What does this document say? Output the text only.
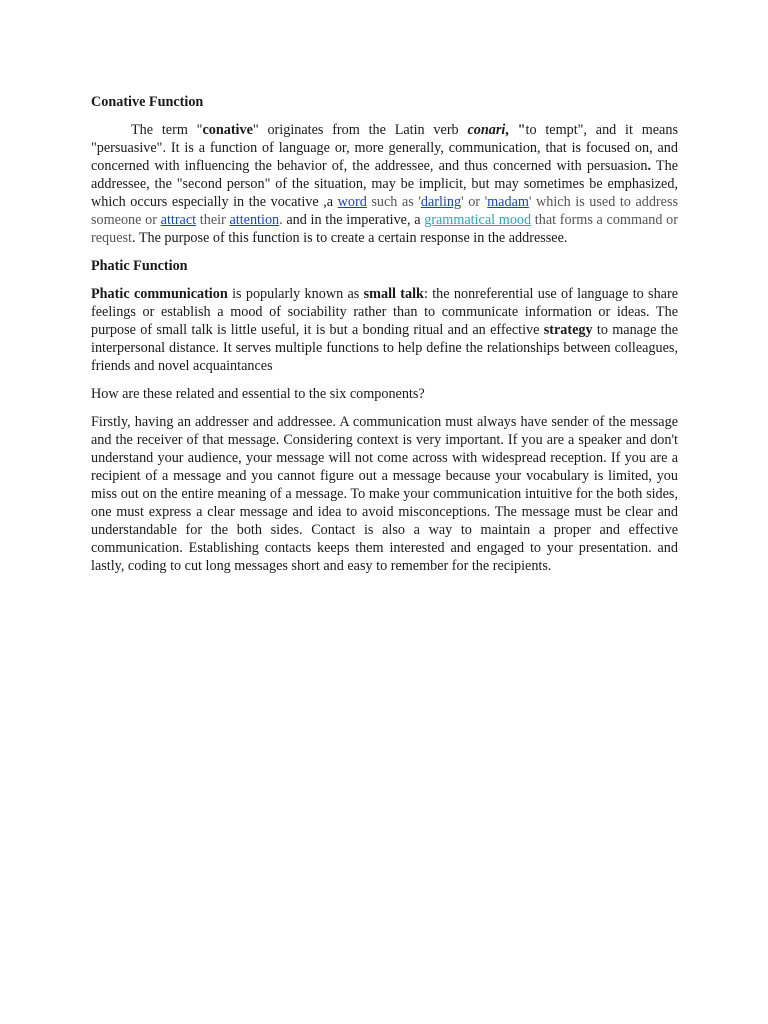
Conative Function

The term "conative" originates from the Latin verb conari, "to tempt", and it means "persuasive". It is a function of language or, more generally, communication, that is focused on, and concerned with influencing the behavior of, the addressee, and thus concerned with persuasion. The addressee, the "second person" of the situation, may be implicit, but may sometimes be emphasized, which occurs especially in the vocative ,a word such as 'darling' or 'madam' which is used to address someone or attract their attention. and in the imperative, a grammatical mood that forms a command or request. The purpose of this function is to create a certain response in the addressee.

Phatic Function

Phatic communication is popularly known as small talk: the nonreferential use of language to share feelings or establish a mood of sociability rather than to communicate information or ideas. The purpose of small talk is little useful, it is but a bonding ritual and an effective strategy to manage the interpersonal distance. It serves multiple functions to help define the relationships between colleagues, friends and novel acquaintances

How are these related and essential to the six components?

Firstly, having an addresser and addressee. A communication must always have sender of the message and the receiver of that message. Considering context is very important. If you are a speaker and don't understand your audience, your message will not come across with widespread reception. If you are a recipient of a message and you cannot figure out a message because your vocabulary is limited, you miss out on the entire meaning of a message. To make your communication intuitive for the both sides, one must express a clear message and idea to avoid misconceptions. The message must be clear and understandable for the both sides. Contact is also a way to maintain a proper and effective communication. Establishing contacts keeps them interested and engaged to your presentation. and lastly, coding to cut long messages short and easy to remember for the recipients.
